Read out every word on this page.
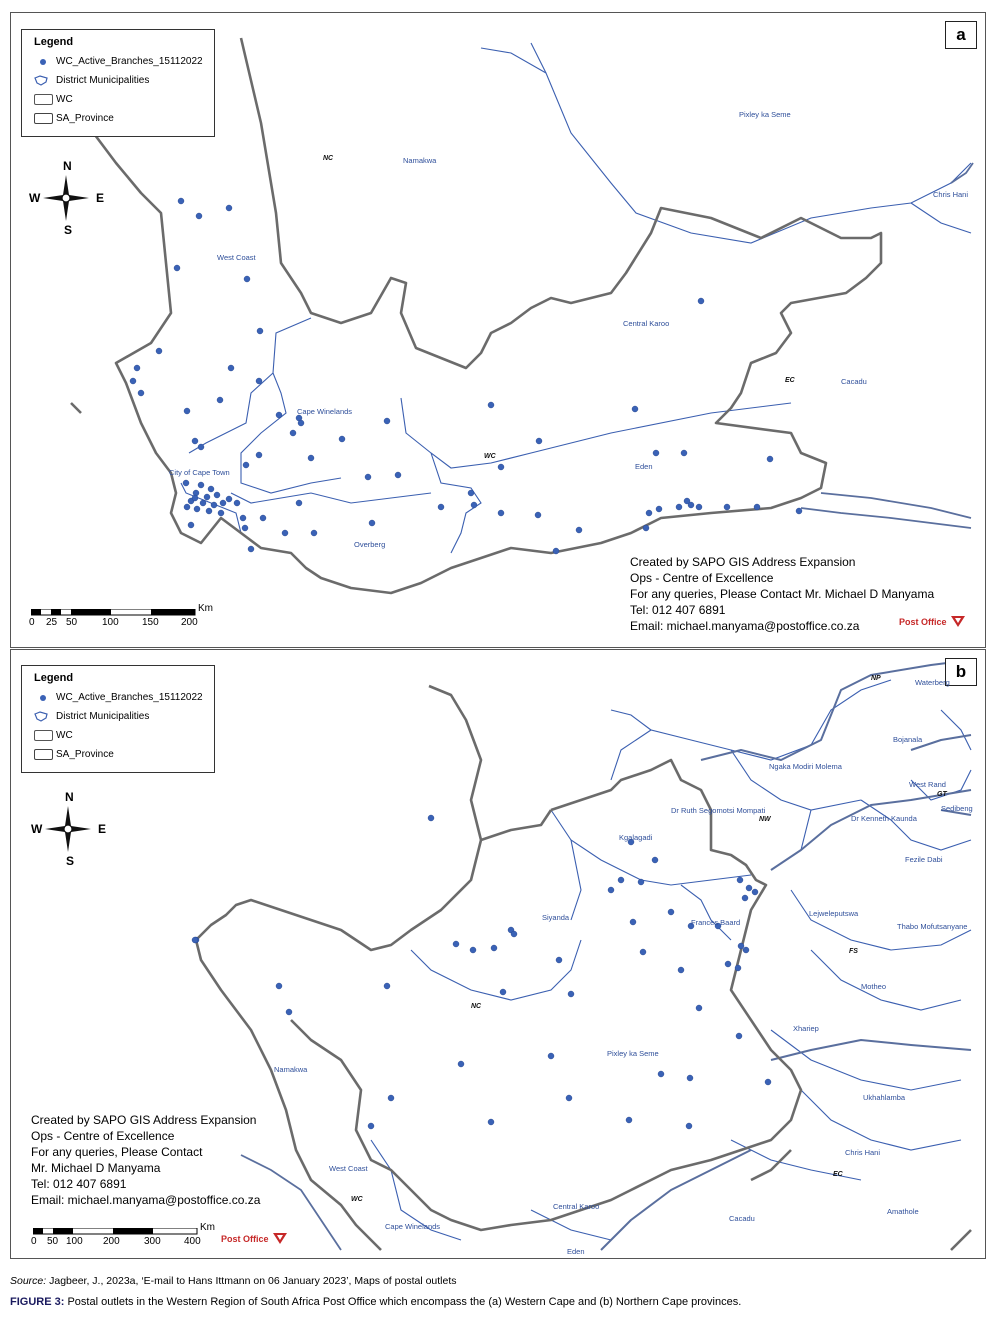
Legend
WC_Active_Branches_15112022
District Municipalities
WC
SA_Province
a
N
W	E
S
Km
0 25 50 100 150 200
NC
WC
EC
Namakwa
Pixley ka Seme
Chris Hani
West Coast
Central Karoo
Cacadu
Cape Winelands
City of Cape Town
Eden
Overberg
Created by SAPO GIS Address Expansion
Ops - Centre of Excellence
For any queries, Please Contact Mr. Michael D Manyama
Tel: 012 407 6891
Email: michael.manyama@postoffice.co.za	Post Office
Legend
WC_Active_Branches_15112022
District Municipalities
WC
SA_Province
b
N
W	E
S
Created by SAPO GIS Address Expansion
Ops - Centre of Excellence
For any queries, Please Contact
Mr. Michael D Manyama
Tel: 012 407 6891
Email: michael.manyama@postoffice.co.za
Km
0 50 100 200 300 400 Post Office
NP
NW
GT
FS
NC
EC
WC
Waterberg
Bojanala
Ngaka Modiri Molema
West Rand
Sedibeng
Dr Ruth Segomotsi Mompati
Dr Kenneth Kaunda
Kgalagadi
Fezile Dabi
Siyanda
Frances Baard
Lejweleputswa
Thabo Mofutsanyane
Motheo
Xhariep
Namakwa
Pixley ka Seme
Ukhahlamba
Chris Hani
West Coast
Central Karoo
Cacadu
Amathole
Cape Winelands
Eden
Source: Jagbeer, J., 2023a, ‘E-mail to Hans Ittmann on 06 January 2023’, Maps of postal outlets
FIGURE 3: Postal outlets in the Western Region of South Africa Post Office which encompass the (a) Western Cape and (b) Northern Cape provinces.
